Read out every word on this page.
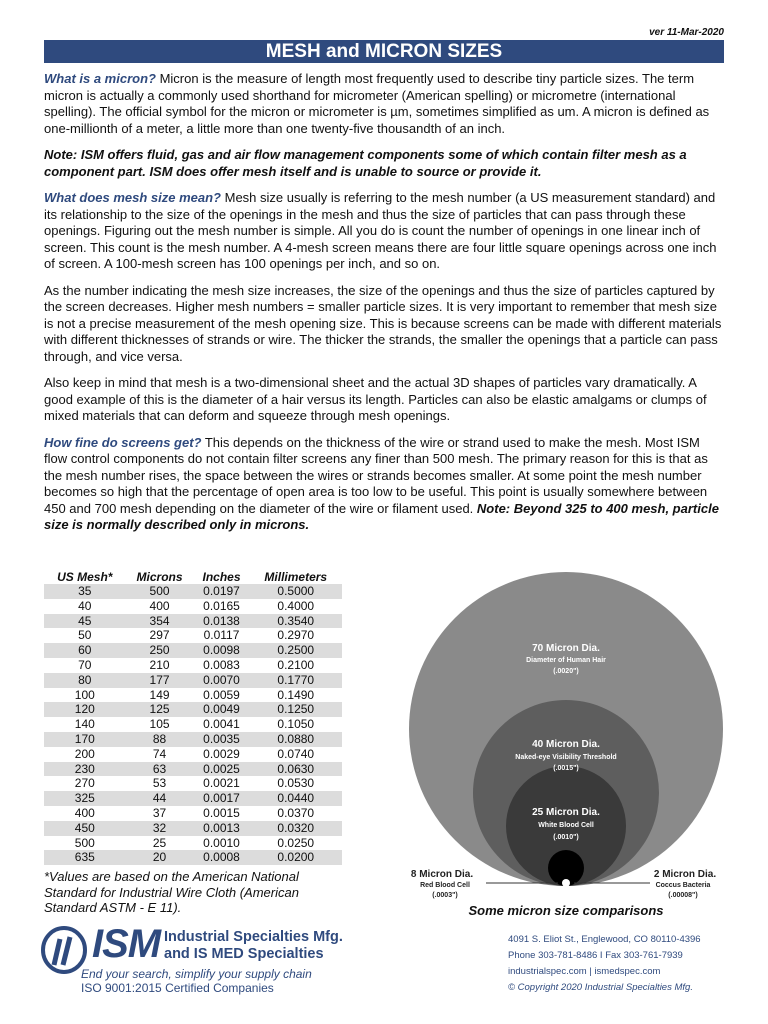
ver 11-Mar-2020
MESH and MICRON SIZES

What is a micron? Micron is the measure of length most frequently used to describe tiny particle sizes. The term micron is actually a commonly used shorthand for micrometer (American spelling) or micrometre (international spelling). The official symbol for the micron or micrometer is µm, sometimes simplified as um. A micron is defined as one-millionth of a meter, a little more than one twenty-five thousandth of an inch.

Note: ISM offers fluid, gas and air flow management components some of which contain filter mesh as a component part. ISM does offer mesh itself and is unable to source or provide it.

What does mesh size mean? Mesh size usually is referring to the mesh number (a US measurement standard) and its relationship to the size of the openings in the mesh and thus the size of particles that can pass through these openings. Figuring out the mesh number is simple. All you do is count the number of openings in one linear inch of screen. This count is the mesh number. A 4-mesh screen means there are four little square openings across one inch of screen. A 100-mesh screen has 100 openings per inch, and so on.

As the number indicating the mesh size increases, the size of the openings and thus the size of particles captured by the screen decreases. Higher mesh numbers = smaller particle sizes. It is very important to remember that mesh size is not a precise measurement of the mesh opening size. This is because screens can be made with different materials with different thicknesses of strands or wire. The thicker the strands, the smaller the openings that a particle can pass through, and vice versa.

Also keep in mind that mesh is a two-dimensional sheet and the actual 3D shapes of particles vary dramatically. A good example of this is the diameter of a hair versus its length. Particles can also be elastic amalgams or clumps of mixed materials that can deform and squeeze through mesh openings.

How fine do screens get? This depends on the thickness of the wire or strand used to make the mesh. Most ISM flow control components do not contain filter screens any finer than 500 mesh. The primary reason for this is that as the mesh number rises, the space between the wires or strands becomes smaller. At some point the mesh number becomes so high that the percentage of open area is too low to be useful. This point is usually somewhere between 450 and 700 mesh depending on the diameter of the wire or filament used. Note: Beyond 325 to 400 mesh, particle size is normally described only in microns.

US Mesh*	Microns	Inches	Millimeters
35	500	0.0197	0.5000
40	400	0.0165	0.4000
45	354	0.0138	0.3540
50	297	0.0117	0.2970
60	250	0.0098	0.2500
70	210	0.0083	0.2100
80	177	0.0070	0.1770
100	149	0.0059	0.1490
120	125	0.0049	0.1250
140	105	0.0041	0.1050
170	88	0.0035	0.0880
200	74	0.0029	0.0740
230	63	0.0025	0.0630
270	53	0.0021	0.0530
325	44	0.0017	0.0440
400	37	0.0015	0.0370
450	32	0.0013	0.0320
500	25	0.0010	0.0250
635	20	0.0008	0.0200
*Values are based on the American National Standard for Industrial Wire Cloth (American Standard ASTM - E 11).
70 Micron Dia.
Diameter of Human Hair
(.0020")
40 Micron Dia.
Naked-eye Visibility Threshold
(.0015")
25 Micron Dia.
White Blood Cell
(.0010")
8 Micron Dia.
Red Blood Cell
(.0003")
2 Micron Dia.
Coccus Bacteria
(.00008")
Some micron size comparisons
ISM Industrial Specialties Mfg.
and IS MED Specialties
End your search, simplify your supply chain
ISO 9001:2015 Certified Companies
4091 S. Eliot St., Englewood, CO 80110-4396
Phone 303-781-8486 I Fax 303-761-7939
industrialspec.com | ismedspec.com
© Copyright 2020 Industrial Specialties Mfg.
